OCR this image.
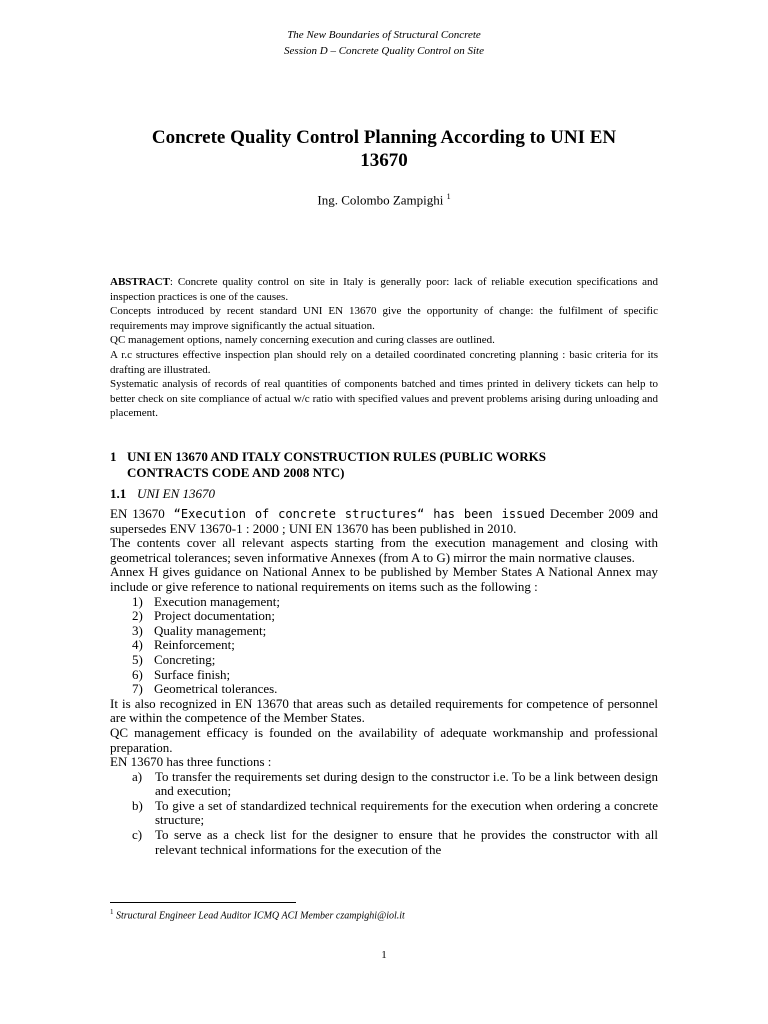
The New Boundaries of Structural Concrete
Session D – Concrete Quality Control on Site
Concrete Quality Control Planning According to UNI EN
13670
Ing. Colombo Zampighi $^1$

ABSTRACT: Concrete quality control on site in Italy is generally poor: lack of reliable execution specifications and inspection practices is one of the causes.

Concepts introduced by recent standard UNI EN 13670 give the opportunity of change: the fulfilment of specific requirements may improve significantly the actual situation.

QC management options, namely concerning execution and curing classes are outlined.

A r.c structures effective inspection plan should rely on a detailed coordinated concreting planning : basic criteria for its drafting are illustrated.

Systematic analysis of records of real quantities of components batched and times printed in delivery tickets can help to better check on site compliance of actual w/c ratio with specified values and prevent problems arising during unloading and placement.

1 UNI EN 13670 AND ITALY CONSTRUCTION RULES (PUBLIC WORKS
CONTRACTS CODE AND 2008 NTC)
1.1 UNI EN 13670

EN 13670 “Execution of concrete structures“ has been issued December 2009 and supersedes ENV 13670-1 : 2000 ; UNI EN 13670 has been published in 2010.

The contents cover all relevant aspects starting from the execution management and closing with geometrical tolerances; seven informative Annexes (from A to G) mirror the main normative clauses.

Annex H gives guidance on National Annex to be published by Member States A National Annex may include or give reference to national requirements on items such as the following :

1) Execution management;
2) Project documentation;
3) Quality management;
4) Reinforcement;
5) Concreting;
6) Surface finish;
7) Geometrical tolerances.

It is also recognized in EN 13670 that areas such as detailed requirements for competence of personnel are within the competence of the Member States.

QC management efficacy is founded on the availability of adequate workmanship and professional preparation.

EN 13670 has three functions :

a) To transfer the requirements set during design to the constructor i.e. To be a link between design and execution;
b) To give a set of standardized technical requirements for the execution when ordering a concrete structure;
c) To serve as a check list for the designer to ensure that he provides the constructor with all relevant technical informations for the execution of the
$^1$ Structural Engineer Lead Auditor ICMQ ACI Member czampighi@iol.it
1
